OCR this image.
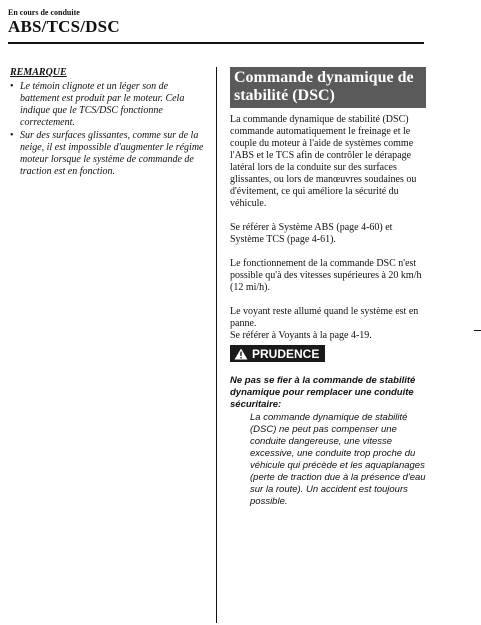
En cours de conduite
ABS/TCS/DSC
REMARQUE
• Le témoin clignote et un léger son de battement est produit par le moteur. Cela indique que le TCS/DSC fonctionne correctement.
• Sur des surfaces glissantes, comme sur de la neige, il est impossible d'augmenter le régime moteur lorsque le système de commande de traction est en fonction.
Commande dynamique de stabilité (DSC)

La commande dynamique de stabilité (DSC) commande automatiquement le freinage et le couple du moteur à l'aide de systèmes comme l'ABS et le TCS afin de contrôler le dérapage latéral lors de la conduite sur des surfaces glissantes, ou lors de manœuvres soudaines ou d'évitement, ce qui améliore la sécurité du véhicule.

Se référer à Système ABS (page 4-60) et Système TCS (page 4-61).

Le fonctionnement de la commande DSC n'est possible qu'à des vitesses supérieures à 20 km/h (12 mi/h).

Le voyant reste allumé quand le système est en panne.
Se référer à Voyants à la page 4-19.

PRUDENCE
Ne pas se fier à la commande de stabilité dynamique pour remplacer une conduite sécuritaire:
La commande dynamique de stabilité (DSC) ne peut pas compenser une conduite dangereuse, une vitesse excessive, une conduite trop proche du véhicule qui précède et les aquaplanages (perte de traction due à la présence d'eau sur la route). Un accident est toujours possible.
